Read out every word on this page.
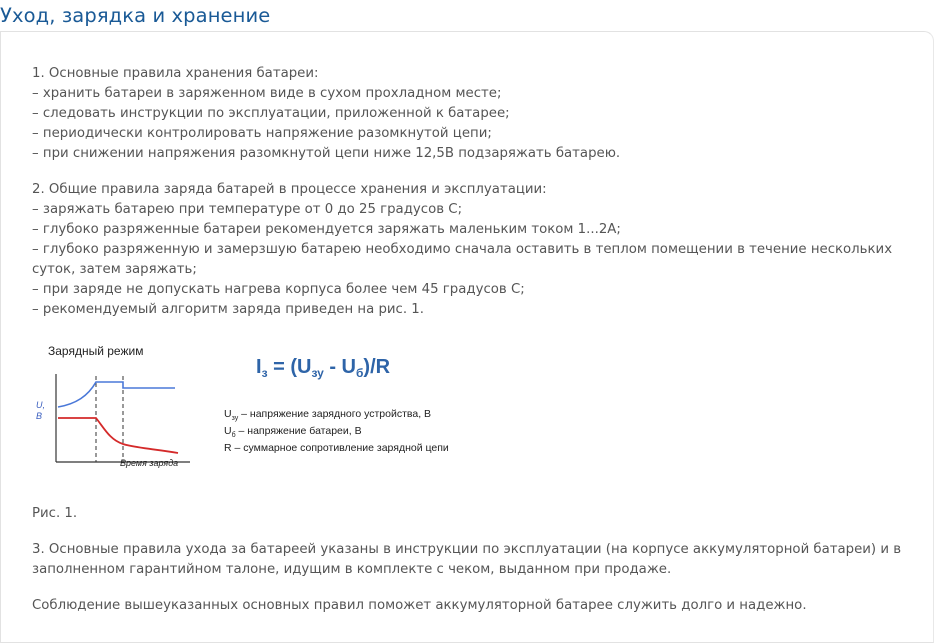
Уход, зарядка и хранение
1. Основные правила хранения батареи:
– хранить батареи в заряженном виде в сухом прохладном месте;
– следовать инструкции по эксплуатации, приложенной к батарее;
– периодически контролировать напряжение разомкнутой цепи;
– при снижении напряжения разомкнутой цепи ниже 12,5В подзаряжать батарею.
2. Общие правила заряда батарей в процессе хранения и эксплуатации:
– заряжать батарею при температуре от 0 до 25 градусов С;
– глубоко разряженные батареи рекомендуется заряжать маленьким током 1...2А;
– глубоко разряженную и замерзшую батарею необходимо сначала оставить в теплом помещении в течение нескольких суток, затем заряжать;
– при заряде не допускать нагрева корпуса более чем 45 градусов С;
– рекомендуемый алгоритм заряда приведен на рис. 1.
Зарядный режим
U,
В
Время заряда
$I_з = (U_{зу} - U_б)/R$
$U_{зу}$ – напряжение зарядного устройства, В
$U_б$ – напряжение батареи, В
R – суммарное сопротивление зарядной цепи
Рис. 1.
3. Основные правила ухода за батареей указаны в инструкции по эксплуатации (на корпусе аккумуляторной батареи) и в заполненном гарантийном талоне, идущим в комплекте с чеком, выданном при продаже.
Соблюдение вышеуказанных основных правил поможет аккумуляторной батарее служить долго и надежно.
